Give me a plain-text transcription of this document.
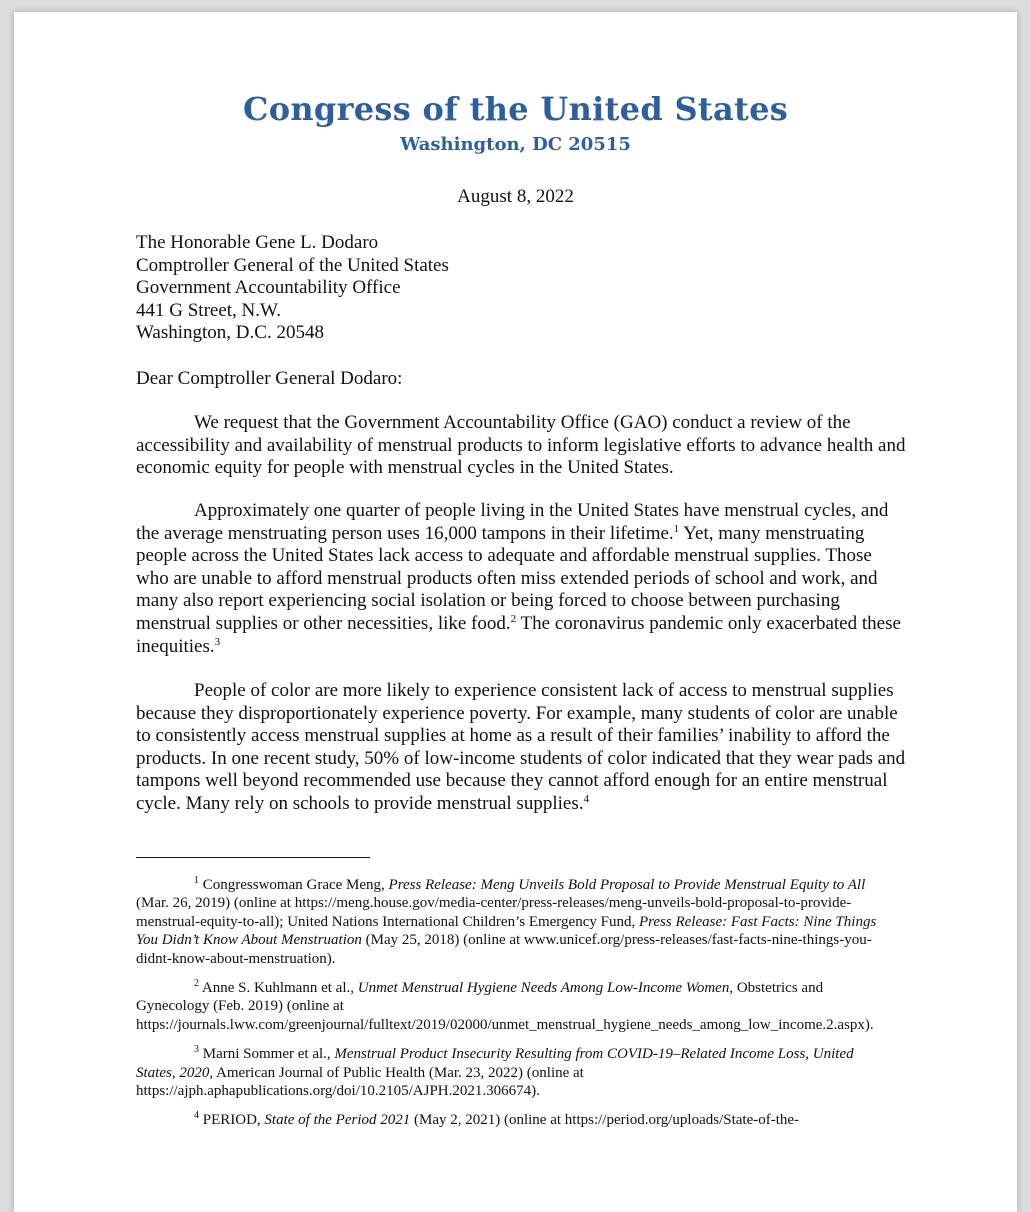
Congress of the United States
Washington, DC 20515
August 8, 2022
The Honorable Gene L. Dodaro
Comptroller General of the United States
Government Accountability Office
441 G Street, N.W.
Washington, D.C. 20548
Dear Comptroller General Dodaro:

We request that the Government Accountability Office (GAO) conduct a review of the accessibility and availability of menstrual products to inform legislative efforts to advance health and economic equity for people with menstrual cycles in the United States.

Approximately one quarter of people living in the United States have menstrual cycles, and the average menstruating person uses 16,000 tampons in their lifetime.$^1$ Yet, many menstruating people across the United States lack access to adequate and affordable menstrual supplies. Those who are unable to afford menstrual products often miss extended periods of school and work, and many also report experiencing social isolation or being forced to choose between purchasing menstrual supplies or other necessities, like food.$^2$ The coronavirus pandemic only exacerbated these inequities.$^3$

People of color are more likely to experience consistent lack of access to menstrual supplies because they disproportionately experience poverty. For example, many students of color are unable to consistently access menstrual supplies at home as a result of their families’ inability to afford the products. In one recent study, 50% of low-income students of color indicated that they wear pads and tampons well beyond recommended use because they cannot afford enough for an entire menstrual cycle. Many rely on schools to provide menstrual supplies.$^4$

$^1$ Congresswoman Grace Meng, Press Release: Meng Unveils Bold Proposal to Provide Menstrual Equity to All (Mar. 26, 2019) (online at https://meng.house.gov/media-center/press-releases/meng-unveils-bold-proposal-to-provide-menstrual-equity-to-all); United Nations International Children’s Emergency Fund, Press Release: Fast Facts: Nine Things You Didn’t Know About Menstruation (May 25, 2018) (online at www.unicef.org/press-releases/fast-facts-nine-things-you-didnt-know-about-menstruation).

$^2$ Anne S. Kuhlmann et al., Unmet Menstrual Hygiene Needs Among Low-Income Women, Obstetrics and Gynecology (Feb. 2019) (online at https://journals.lww.com/greenjournal/fulltext/2019/02000/unmet_menstrual_hygiene_needs_among_low_income.2.aspx).

$^3$ Marni Sommer et al., Menstrual Product Insecurity Resulting from COVID-19–Related Income Loss, United States, 2020, American Journal of Public Health (Mar. 23, 2022) (online at https://ajph.aphapublications.org/doi/10.2105/AJPH.2021.306674).

$^4$ PERIOD, State of the Period 2021 (May 2, 2021) (online at https://period.org/uploads/State-of-the-
